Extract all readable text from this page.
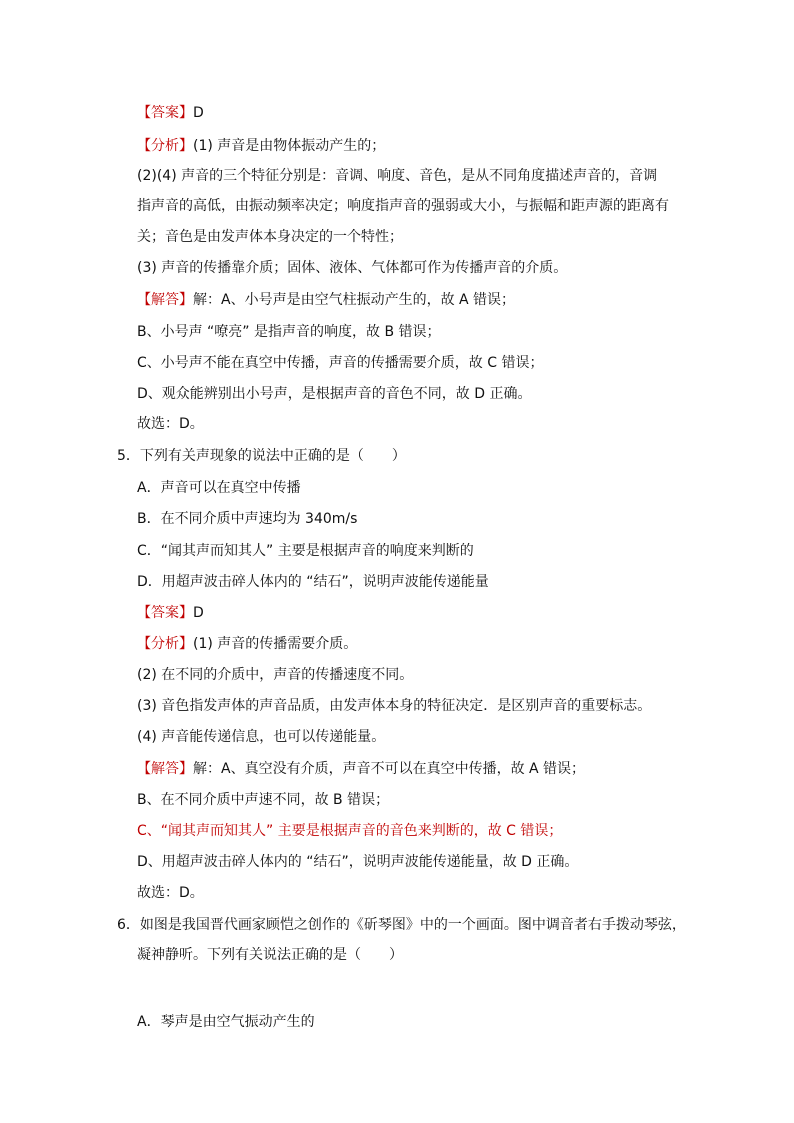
【答案】D
【分析】(1) 声音是由物体振动产生的；
(2)(4) 声音的三个特征分别是：音调、响度、音色，是从不同角度描述声音的，音调
指声音的高低，由振动频率决定；响度指声音的强弱或大小，与振幅和距声源的距离有
关；音色是由发声体本身决定的一个特性；
(3) 声音的传播靠介质；固体、液体、气体都可作为传播声音的介质。
【解答】解：A、小号声是由空气柱振动产生的，故 A 错误；
B、小号声 “嘹亮” 是指声音的响度，故 B 错误；
C、小号声不能在真空中传播，声音的传播需要介质，故 C 错误；
D、观众能辨别出小号声，是根据声音的音色不同，故 D 正确。
故选：D。
5．下列有关声现象的说法中正确的是（　　）
A．声音可以在真空中传播
B．在不同介质中声速均为 340m/s
C．“闻其声而知其人” 主要是根据声音的响度来判断的
D．用超声波击碎人体内的 “结石”，说明声波能传递能量
【答案】D
【分析】(1) 声音的传播需要介质。
(2) 在不同的介质中，声音的传播速度不同。
(3) 音色指发声体的声音品质，由发声体本身的特征决定．是区别声音的重要标志。
(4) 声音能传递信息，也可以传递能量。
【解答】解：A、真空没有介质，声音不可以在真空中传播，故 A 错误；
B、在不同介质中声速不同，故 B 错误；
C、“闻其声而知其人” 主要是根据声音的音色来判断的，故 C 错误；
D、用超声波击碎人体内的 “结石”，说明声波能传递能量，故 D 正确。
故选：D。
6．如图是我国晋代画家顾恺之创作的《斫琴图》中的一个画面。图中调音者右手拨动琴弦，
凝神静听。下列有关说法正确的是（　　）
A．琴声是由空气振动产生的
